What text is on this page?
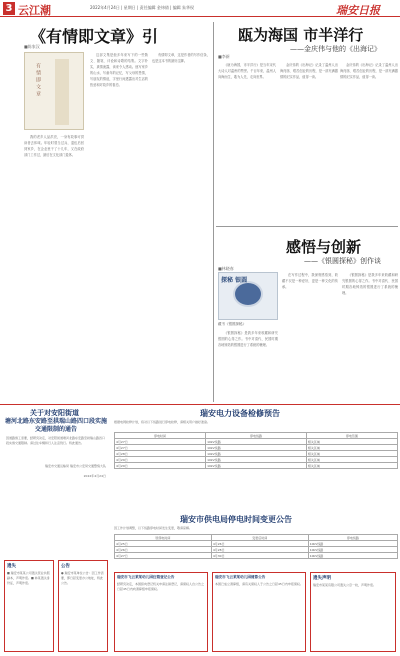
3 云江潮	2022年4月24日 | 星期日 | 责任编辑 金炜倩 | 编辑 朱华权	瑞安日报
《有情即文章》引
■陈家汉
有情即文章
我的老乡人品洪亮，一身有故事可供读者去体味。年轻时曾当过兵，退伍后回到家乡，在企业里干了十几年，又在政府部门工作过，最后在文化部门退休。
这部文集是他多年来写下的一些散文、随笔、评论和诗歌的结集。文字朴实，真情流露，读来令人感动。他写家乡的山水，写童年的记忆，写父母的恩情，写朋友的情谊，字里行间透露出对生活的热爱和对故乡的眷恋。
有情即文章，这是作者的写作信条，也是这本书的最好注脚。
瓯为海国 市半洋行
——金庆伟与他的《出海记》
■李新
《瓯为海国，市半洋行》是当年宋代大诗人对温州的赞誉。千百年来，温州人向海而生，敢为人先，走向世界。
金庆伟的《出海记》记录了温州人出海闯荡、艰苦创业的历程，是一部充满激情的纪实作品，值得一读。
金庆伟的《出海记》记录了温州人出海闯荡、艰苦创业的历程，是一部充满激情的纪实作品，值得一读。
感悟与创新
——《银圆探秘》创作谈
■林晓春
探秘 银圆
藏书《银圆探秘》
《银圆探秘》是我多年来收藏和研究银圆的心得之作。书中对清代、民国时期各地铸造的银圆进行了系统的梳理。
在写作过程中，我深刻感悟到，收藏不仅是一种爱好，更是一种文化的传承。
《银圆探秘》是我多年来收藏和研究银圆的心得之作。书中对清代、民国时期各地铸造的银圆进行了系统的梳理。
关于对安阳街道
塘河北路东安路至拱瑞山路四口段实施交通限制的通告
因道路施工需要，经研究决定，对安阳街道塘河北路东安路至拱瑞山路四口段实施交通限制。请过往车辆和行人注意绕行。特此通告。
瑞安市交通运输局 瑞安市公安局交通警察大队
2022年4月24日
瑞安电力设备检修预告
根据电网检修计划，将对以下线路进行停电检修，请相关用户做好准备。
停电时间	停电线路	停电范围
4月27日	10kV线路	相关区域
4月27日	10kV线路	相关区域
4月28日	10kV线路	相关区域
4月29日	10kV线路	相关区域
4月29日	10kV线路	相关区域
瑞安市供电局停电时间变更公告
因工作计划调整，以下线路停电时间发生变更，敬请谅解。
原停电时间	变更后时间	停电线路
4月25日	4月26日	10kV线路
4月26日	4月28日	10kV线路
4月27日	4月30日	10kV线路
遗失
■ 瑞安市某某公司遗失营业执照副本，声明作废。■ 林某遗失身份证，声明作废。
公告
● 瑞安市某单位公告：因工作需要，即日起变更办公地址，特此公告。
瑞安市飞云某某幼儿园注销登记公告
经研究决定，本园拟向登记机关申请注销登记，请债权人自公告之日起45日内向清算组申报债权。
瑞安市飞云某某幼儿园清算公告
本园已成立清算组，请有关债权人于公告之日起45日内申报债权。
遗失声明
瑞安市某某有限公司遗失公章一枚，声明作废。
